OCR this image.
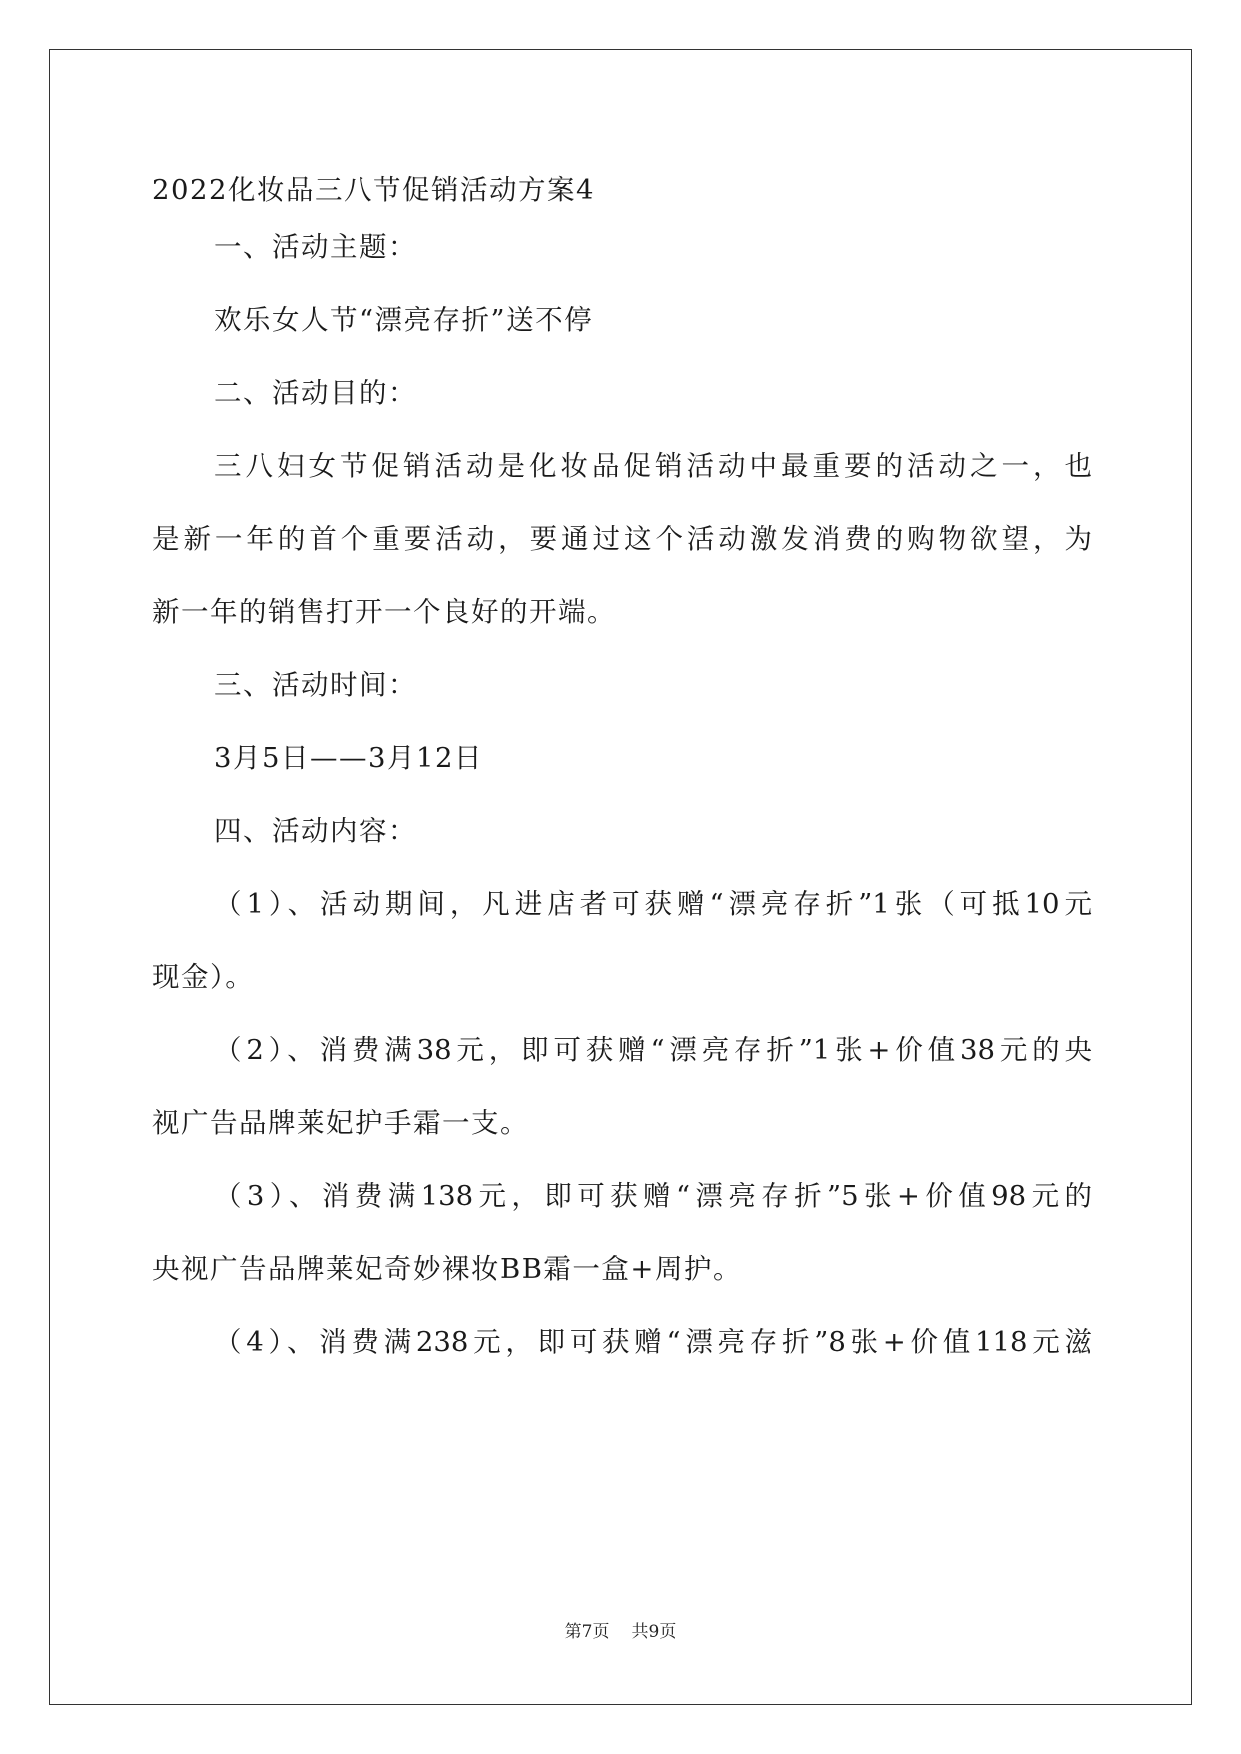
2022化妆品三八节促销活动方案4
一、活动主题：
欢乐女人节“漂亮存折”送不停
二、活动目的：
三八妇女节促销活动是化妆品促销活动中最重要的活动之一，也
是新一年的首个重要活动，要通过这个活动激发消费的购物欲望，为
新一年的销售打开一个良好的开端。
三、活动时间：
3月5日——3月12日
四、活动内容：
（1）、活动期间，凡进店者可获赠“漂亮存折”1张（可抵10元
现金）。
（2）、消费满38元，即可获赠“漂亮存折”1张+价值38元的央
视广告品牌莱妃护手霜一支。
（3）、消费满138元，即可获赠“漂亮存折”5张+价值98元的
央视广告品牌莱妃奇妙裸妆BB霜一盒+周护。
（4）、消费满238元，即可获赠“漂亮存折”8张+价值118元滋
第7页 共9页
